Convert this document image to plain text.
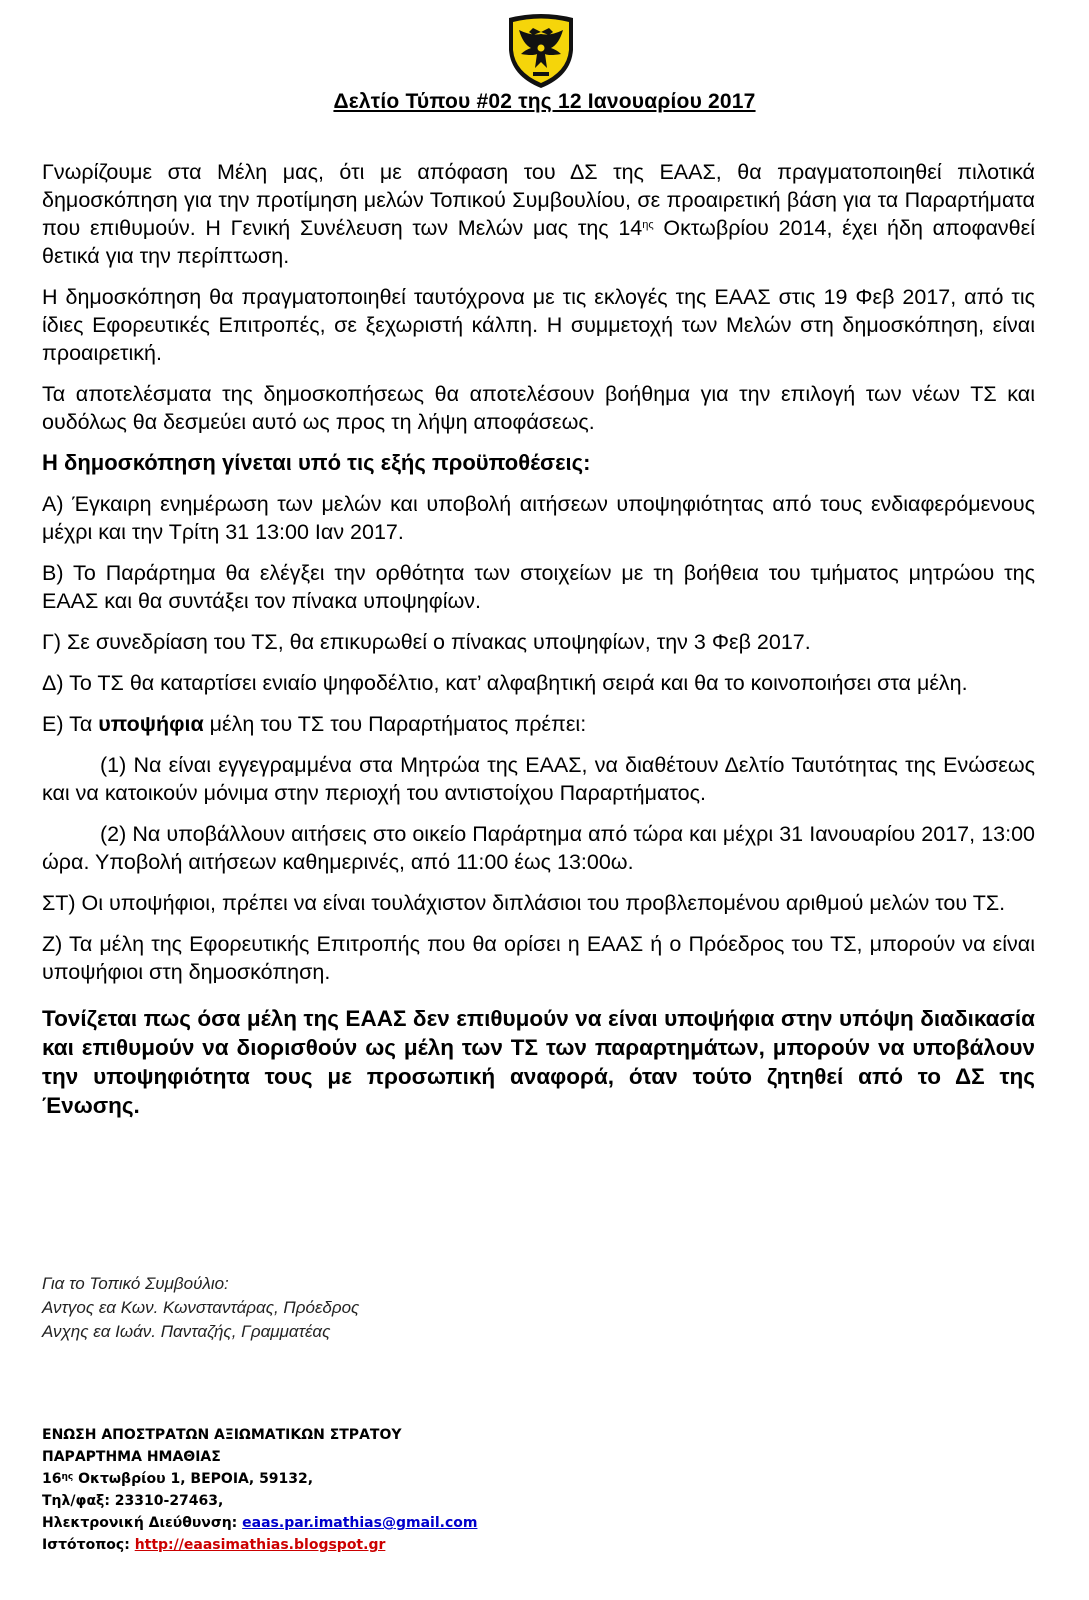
Δελτίο Τύπου #02 της 12 Ιανουαρίου 2017

Γνωρίζουμε στα Μέλη μας, ότι με απόφαση του ΔΣ της ΕΑΑΣ, θα πραγματοποιηθεί πιλοτικά δημοσκόπηση για την προτίμηση μελών Τοπικού Συμβουλίου, σε προαιρετική βάση για τα Παραρτήματα που επιθυμούν. Η Γενική Συνέλευση των Μελών μας της $14^{\eta\varsigma}$ Οκτωβρίου 2014, έχει ήδη αποφανθεί θετικά για την περίπτωση.

Η δημοσκόπηση θα πραγματοποιηθεί ταυτόχρονα με τις εκλογές της ΕΑΑΣ στις 19 Φεβ 2017, από τις ίδιες Εφορευτικές Επιτροπές, σε ξεχωριστή κάλπη. Η συμμετοχή των Μελών στη δημοσκόπηση, είναι προαιρετική.

Τα αποτελέσματα της δημοσκοπήσεως θα αποτελέσουν βοήθημα για την επιλογή των νέων ΤΣ και ουδόλως θα δεσμεύει αυτό ως προς τη λήψη αποφάσεως.

Η δημοσκόπηση γίνεται υπό τις εξής προϋποθέσεις:

Α) Έγκαιρη ενημέρωση των μελών και υποβολή αιτήσεων υποψηφιότητας από τους ενδιαφερόμενους μέχρι και την Τρίτη 31 13:00 Ιαν 2017.

Β) Το Παράρτημα θα ελέγξει την ορθότητα των στοιχείων με τη βοήθεια του τμήματος μητρώου της ΕΑΑΣ και θα συντάξει τον πίνακα υποψηφίων.

Γ) Σε συνεδρίαση του ΤΣ, θα επικυρωθεί ο πίνακας υποψηφίων, την 3 Φεβ 2017.

Δ) Το ΤΣ θα καταρτίσει ενιαίο ψηφοδέλτιο, κατ’ αλφαβητική σειρά και θα το κοινοποιήσει στα μέλη.

Ε) Τα υποψήφια μέλη του ΤΣ του Παραρτήματος πρέπει:

(1) Να είναι εγγεγραμμένα στα Μητρώα της ΕΑΑΣ, να διαθέτουν Δελτίο Ταυτότητας της Ενώσεως και να κατοικούν μόνιμα στην περιοχή του αντιστοίχου Παραρτήματος.

(2) Να υποβάλλουν αιτήσεις στο οικείο Παράρτημα από τώρα και μέχρι 31 Ιανουαρίου 2017, 13:00 ώρα. Υποβολή αιτήσεων καθημερινές, από 11:00 έως 13:00ω.

ΣΤ) Οι υποψήφιοι, πρέπει να είναι τουλάχιστον διπλάσιοι του προβλεπομένου αριθμού μελών του ΤΣ.

Ζ) Τα μέλη της Εφορευτικής Επιτροπής που θα ορίσει η ΕΑΑΣ ή ο Πρόεδρος του ΤΣ, μπορούν να είναι υποψήφιοι στη δημοσκόπηση.

Τονίζεται πως όσα μέλη της ΕΑΑΣ δεν επιθυμούν να είναι υποψήφια στην υπόψη διαδικασία και επιθυμούν να διορισθούν ως μέλη των ΤΣ των παραρτημάτων, μπορούν να υποβάλουν την υποψηφιότητα τους με προσωπική αναφορά, όταν τούτο ζητηθεί από το ΔΣ της Ένωσης.

Για το Τοπικό Συμβούλιο:
Αντγος εα Κων. Κωνσταντάρας, Πρόεδρος
Ανχης εα Ιωάν. Πανταζής, Γραμματέας
ΕΝΩΣΗ ΑΠΟΣΤΡΑΤΩΝ ΑΞΙΩΜΑΤΙΚΩΝ ΣΤΡΑΤΟΥ
ΠΑΡΑΡΤΗΜΑ ΗΜΑΘΙΑΣ
$16^{\eta\varsigma}$ Οκτωβρίου 1, ΒΕΡΟΙΑ, 59132,
Τηλ/φαξ: 23310-27463,
Ηλεκτρονική Διεύθυνση: eaas.par.imathias@gmail.com
Ιστότοπος: http://eaasimathias.blogspot.gr
